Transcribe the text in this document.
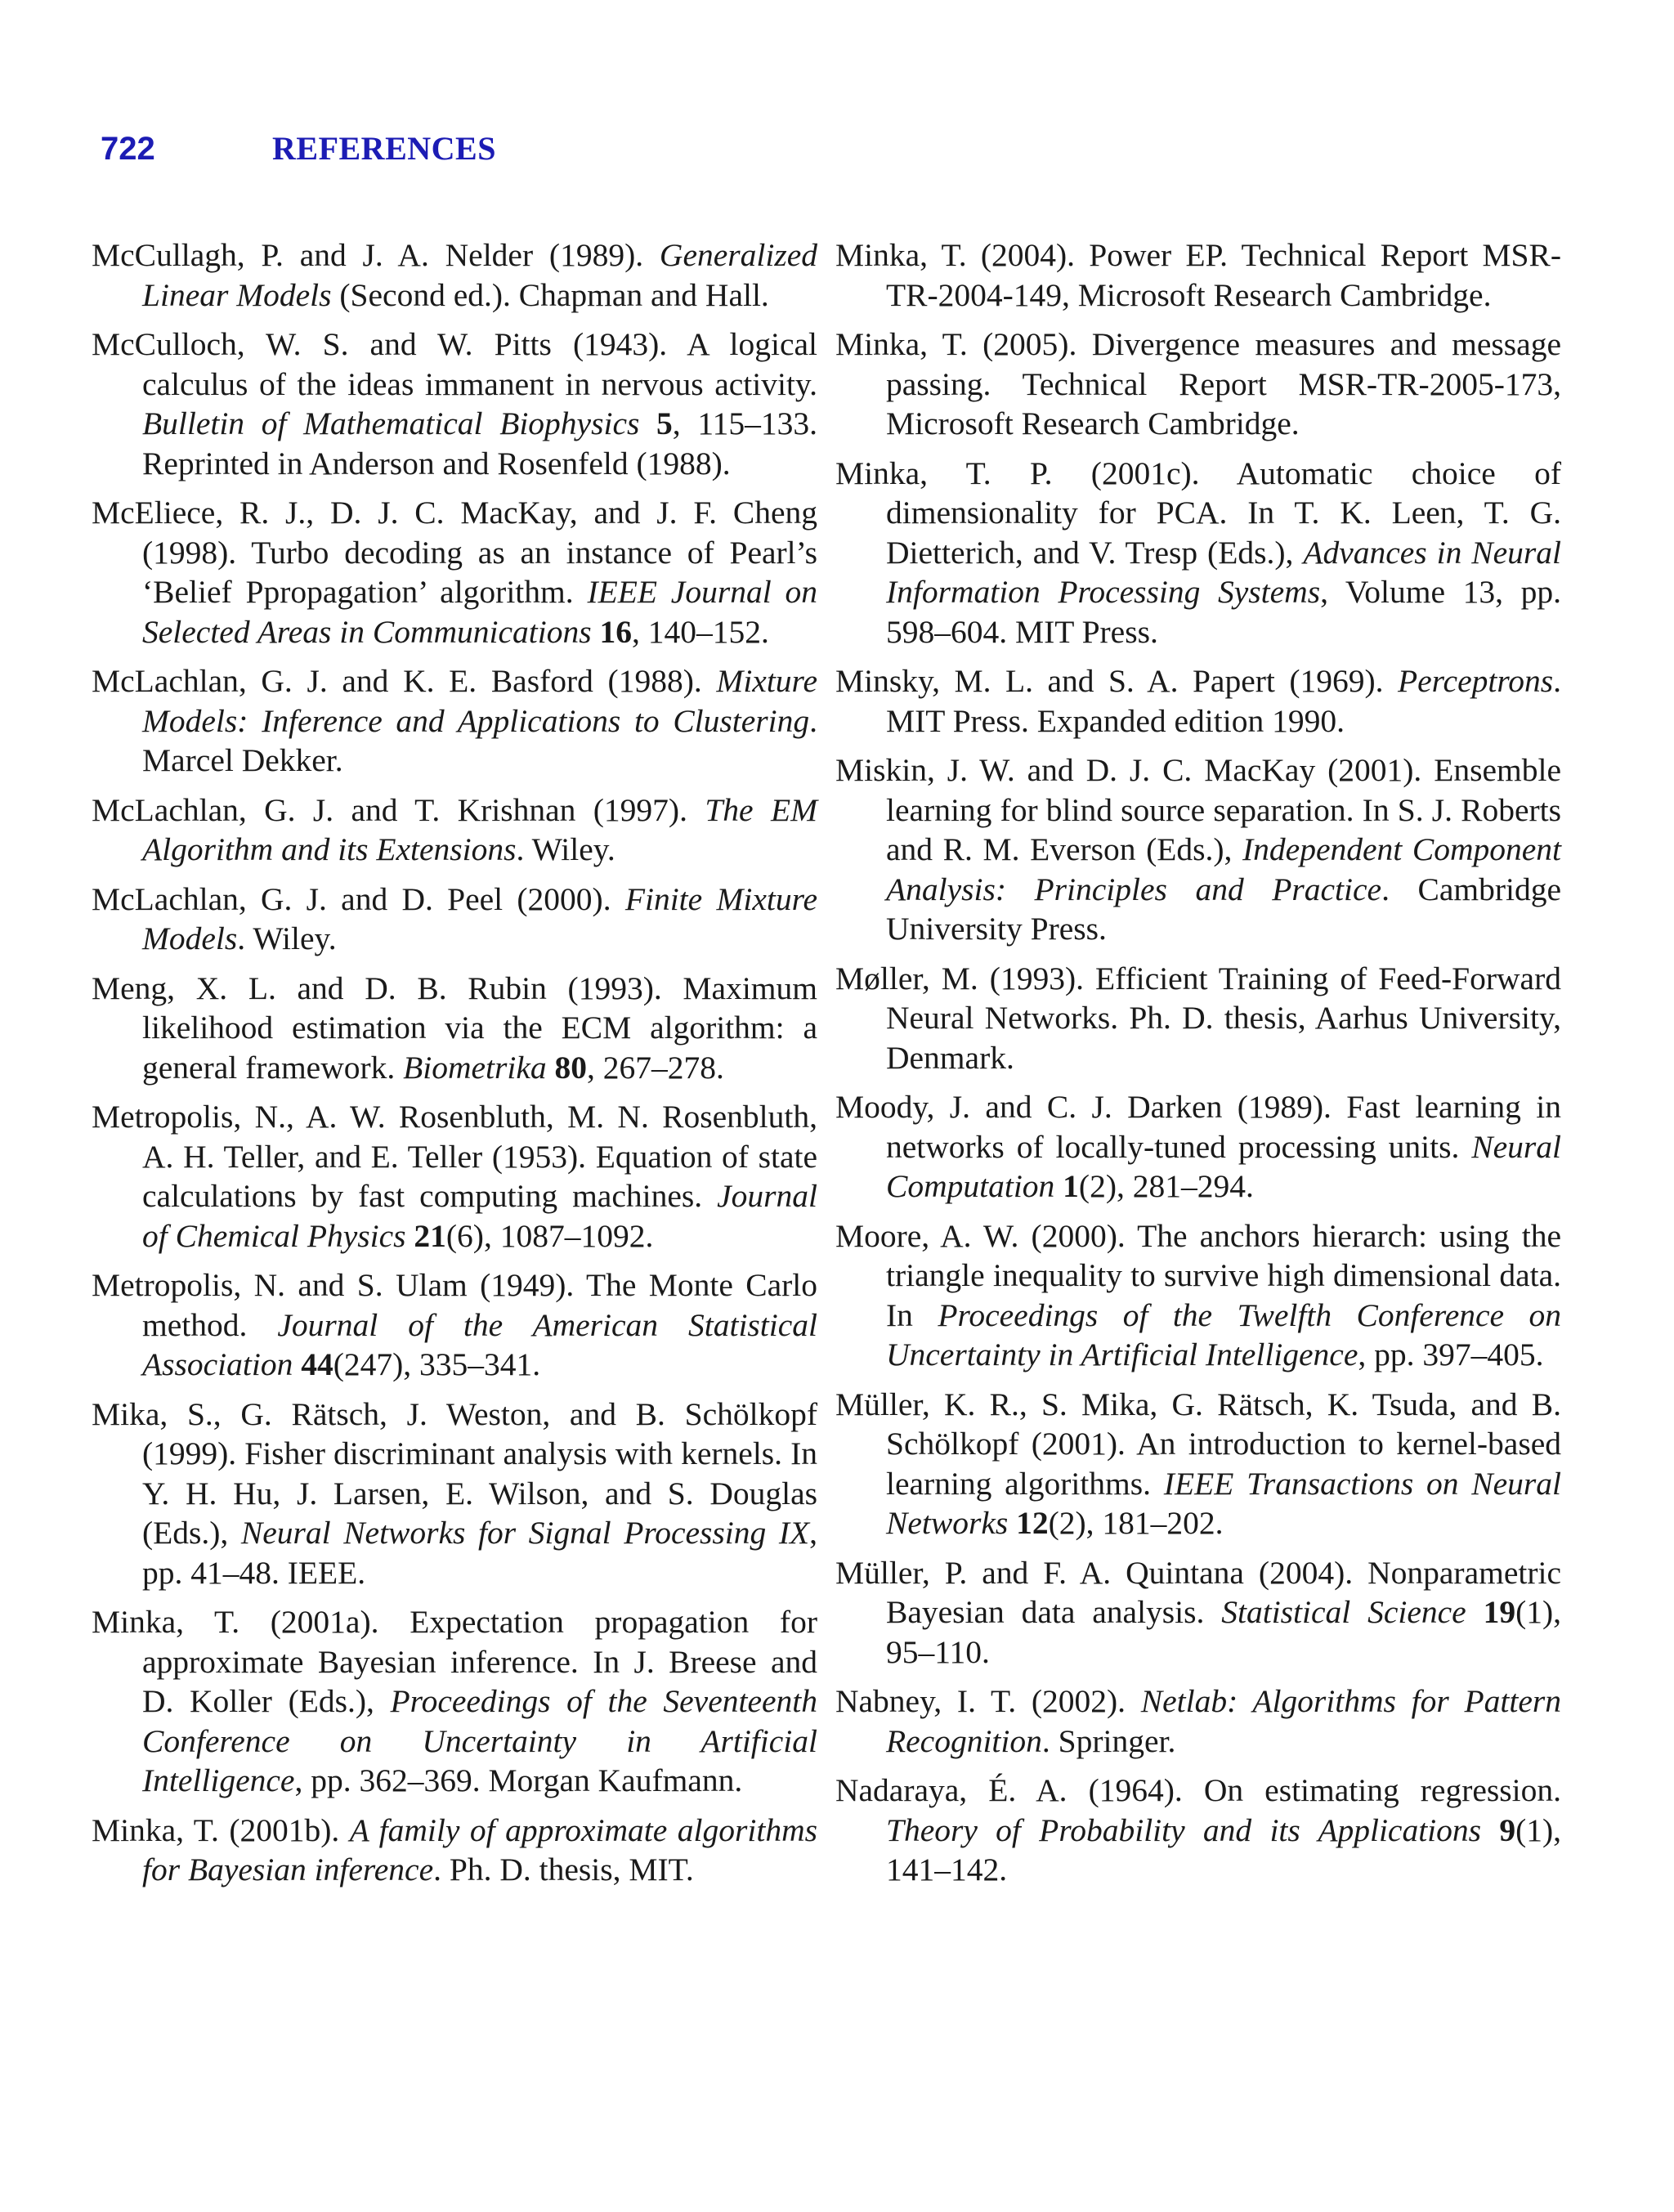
722	REFERENCES

McCullagh, P. and J. A. Nelder (1989). Generalized Linear Models (Second ed.). Chapman and Hall.

McCulloch, W. S. and W. Pitts (1943). A logical calculus of the ideas immanent in nervous activity. Bulletin of Mathematical Biophysics 5, 115–133. Reprinted in Anderson and Rosenfeld (1988).

McEliece, R. J., D. J. C. MacKay, and J. F. Cheng (1998). Turbo decoding as an instance of Pearl’s ‘Belief Ppropagation’ algorithm. IEEE Journal on Selected Areas in Communications 16, 140–152.

McLachlan, G. J. and K. E. Basford (1988). Mixture Models: Inference and Applications to Clustering. Marcel Dekker.

McLachlan, G. J. and T. Krishnan (1997). The EM Algorithm and its Extensions. Wiley.

McLachlan, G. J. and D. Peel (2000). Finite Mixture Models. Wiley.

Meng, X. L. and D. B. Rubin (1993). Maximum likelihood estimation via the ECM algorithm: a general framework. Biometrika 80, 267–278.

Metropolis, N., A. W. Rosenbluth, M. N. Rosenbluth, A. H. Teller, and E. Teller (1953). Equation of state calculations by fast computing machines. Journal of Chemical Physics 21(6), 1087–1092.

Metropolis, N. and S. Ulam (1949). The Monte Carlo method. Journal of the American Statistical Association 44(247), 335–341.

Mika, S., G. Rätsch, J. Weston, and B. Schölkopf (1999). Fisher discriminant analysis with kernels. In Y. H. Hu, J. Larsen, E. Wilson, and S. Douglas (Eds.), Neural Networks for Signal Processing IX, pp. 41–48. IEEE.

Minka, T. (2001a). Expectation propagation for approximate Bayesian inference. In J. Breese and D. Koller (Eds.), Proceedings of the Seventeenth Conference on Uncertainty in Artificial Intelligence, pp. 362–369. Morgan Kaufmann.

Minka, T. (2001b). A family of approximate algorithms for Bayesian inference. Ph. D. thesis, MIT.

Minka, T. (2004). Power EP. Technical Report MSR-TR-2004-149, Microsoft Research Cambridge.

Minka, T. (2005). Divergence measures and message passing. Technical Report MSR-TR-2005-173, Microsoft Research Cambridge.

Minka, T. P. (2001c). Automatic choice of dimensionality for PCA. In T. K. Leen, T. G. Dietterich, and V. Tresp (Eds.), Advances in Neural Information Processing Systems, Volume 13, pp. 598–604. MIT Press.

Minsky, M. L. and S. A. Papert (1969). Perceptrons. MIT Press. Expanded edition 1990.

Miskin, J. W. and D. J. C. MacKay (2001). Ensemble learning for blind source separation. In S. J. Roberts and R. M. Everson (Eds.), Independent Component Analysis: Principles and Practice. Cambridge University Press.

Møller, M. (1993). Efficient Training of Feed-Forward Neural Networks. Ph. D. thesis, Aarhus University, Denmark.

Moody, J. and C. J. Darken (1989). Fast learning in networks of locally-tuned processing units. Neural Computation 1(2), 281–294.

Moore, A. W. (2000). The anchors hierarch: using the triangle inequality to survive high dimensional data. In Proceedings of the Twelfth Conference on Uncertainty in Artificial Intelligence, pp. 397–405.

Müller, K. R., S. Mika, G. Rätsch, K. Tsuda, and B. Schölkopf (2001). An introduction to kernel-based learning algorithms. IEEE Transactions on Neural Networks 12(2), 181–202.

Müller, P. and F. A. Quintana (2004). Nonparametric Bayesian data analysis. Statistical Science 19(1), 95–110.

Nabney, I. T. (2002). Netlab: Algorithms for Pattern Recognition. Springer.

Nadaraya, É. A. (1964). On estimating regression. Theory of Probability and its Applications 9(1), 141–142.
